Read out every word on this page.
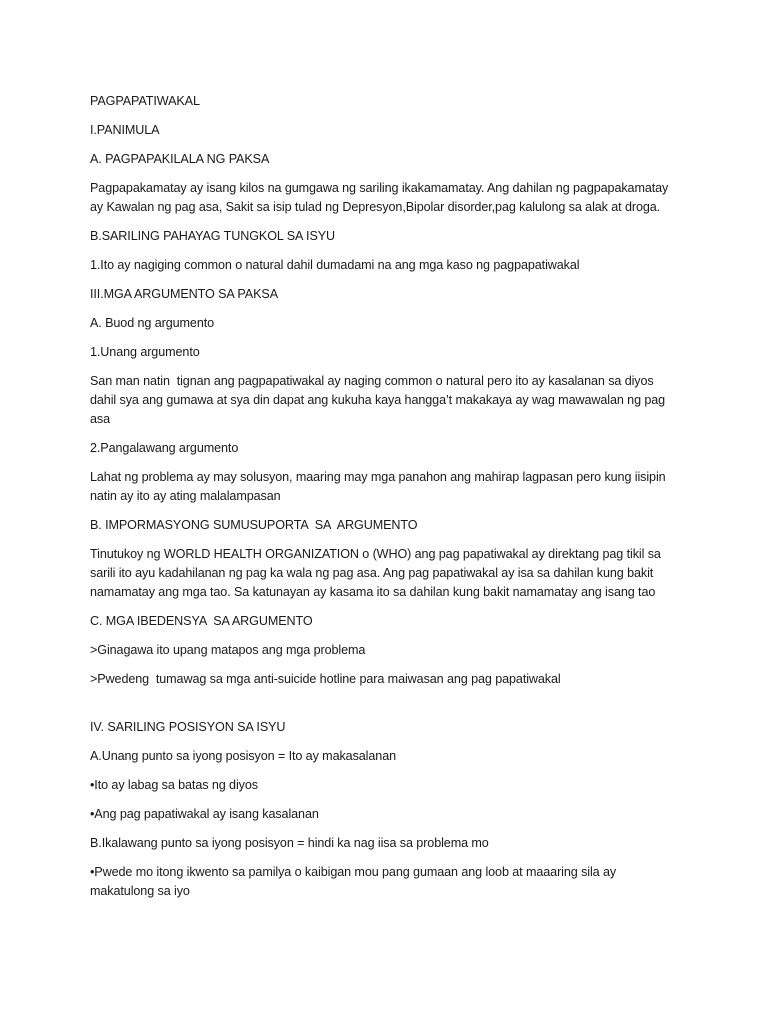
PAGPAPATIWAKAL

I.PANIMULA

A. PAGPAPAKILALA NG PAKSA

Pagpapakamatay ay isang kilos na gumgawa ng sariling ikakamamatay. Ang dahilan ng pagpapakamatay ay Kawalan ng pag asa, Sakit sa isip tulad ng Depresyon,Bipolar disorder,pag kalulong sa alak at droga.

B.SARILING PAHAYAG TUNGKOL SA ISYU

1.Ito ay nagiging common o natural dahil dumadami na ang mga kaso ng pagpapatiwakal

III.MGA ARGUMENTO SA PAKSA

A. Buod ng argumento

1.Unang argumento

San man natin  tignan ang pagpapatiwakal ay naging common o natural pero ito ay kasalanan sa diyos dahil sya ang gumawa at sya din dapat ang kukuha kaya hangga’t makakaya ay wag mawawalan ng pag asa

2.Pangalawang argumento

Lahat ng problema ay may solusyon, maaring may mga panahon ang mahirap lagpasan pero kung iisipin natin ay ito ay ating malalampasan

B. IMPORMASYONG SUMUSUPORTA  SA  ARGUMENTO

Tinutukoy ng WORLD HEALTH ORGANIZATION o (WHO) ang pag papatiwakal ay direktang pag tikil sa sarili ito ayu kadahilanan ng pag ka wala ng pag asa. Ang pag papatiwakal ay isa sa dahilan kung bakit namamatay ang mga tao. Sa katunayan ay kasama ito sa dahilan kung bakit namamatay ang isang tao

C. MGA IBEDENSYA  SA ARGUMENTO

>Ginagawa ito upang matapos ang mga problema

>Pwedeng  tumawag sa mga anti-suicide hotline para maiwasan ang pag papatiwakal

IV. SARILING POSISYON SA ISYU

A.Unang punto sa iyong posisyon = Ito ay makasalanan

•Ito ay labag sa batas ng diyos

•Ang pag papatiwakal ay isang kasalanan

B.Ikalawang punto sa iyong posisyon = hindi ka nag iisa sa problema mo

•Pwede mo itong ikwento sa pamilya o kaibigan mou pang gumaan ang loob at maaaring sila ay makatulong sa iyo
